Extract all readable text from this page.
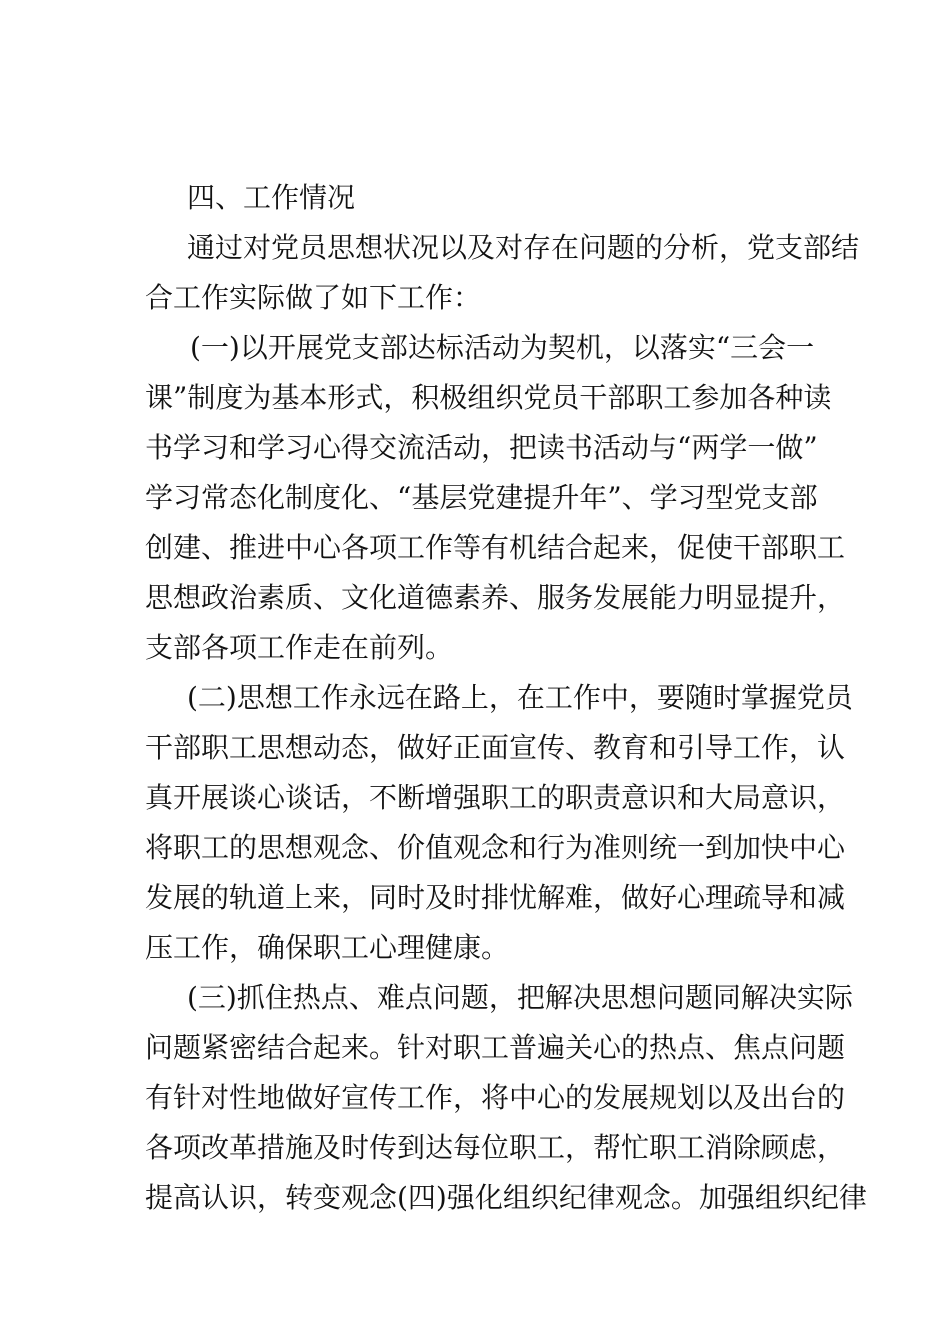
四、工作情况
通过对党员思想状况以及对存在问题的分析，党支部结
合工作实际做了如下工作：
(一)以开展党支部达标活动为契机，以落实“三会一
课”制度为基本形式，积极组织党员干部职工参加各种读
书学习和学习心得交流活动，把读书活动与“两学一做”
学习常态化制度化、“基层党建提升年”、学习型党支部
创建、推进中心各项工作等有机结合起来，促使干部职工
思想政治素质、文化道德素养、服务发展能力明显提升，
支部各项工作走在前列。
(二)思想工作永远在路上，在工作中，要随时掌握党员
干部职工思想动态，做好正面宣传、教育和引导工作，认
真开展谈心谈话，不断增强职工的职责意识和大局意识，
将职工的思想观念、价值观念和行为准则统一到加快中心
发展的轨道上来，同时及时排忧解难，做好心理疏导和减
压工作，确保职工心理健康。
(三)抓住热点、难点问题，把解决思想问题同解决实际
问题紧密结合起来。针对职工普遍关心的热点、焦点问题
有针对性地做好宣传工作，将中心的发展规划以及出台的
各项改革措施及时传到达每位职工，帮忙职工消除顾虑，
提高认识，转变观念(四)强化组织纪律观念。加强组织纪律
